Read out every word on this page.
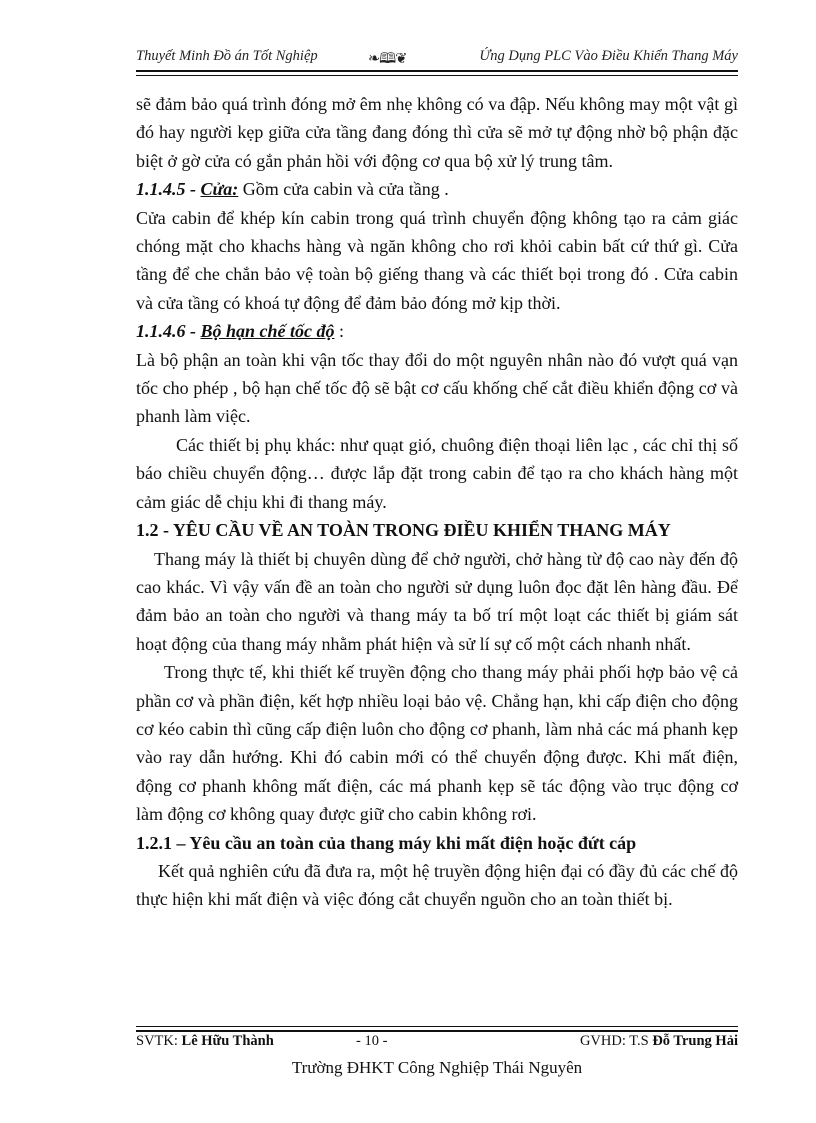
Thuyết Minh Đồ án Tốt Nghiệp	❧🕮❦	Ứng Dụng PLC Vào Điều Khiển Thang Máy

sẽ đảm bảo quá trình đóng mở êm nhẹ không có va đập. Nếu không may một vật gì đó hay người kẹp giữa cửa tầng đang đóng thì cửa sẽ mở tự động nhờ bộ phận đặc biệt ở gờ cửa có gắn phản hồi với động cơ qua bộ xử lý trung tâm.

1.1.4.5 - Cửa: Gồm cửa cabin và cửa tầng .

Cửa cabin để khép kín cabin trong quá trình chuyển động không tạo ra cảm giác chóng mặt cho khachs hàng và ngăn không cho rơi khỏi cabin bất cứ thứ gì. Cửa tầng để che chắn bảo vệ toàn bộ giếng thang và các thiết bọi trong đó . Cửa cabin và cửa tầng có khoá tự động để đảm bảo đóng mở kịp thời.

1.1.4.6 - Bộ hạn chế tốc độ :

Là bộ phận an toàn khi vận tốc thay đổi do một nguyên nhân nào đó vượt quá vạn tốc cho phép , bộ hạn chế tốc độ sẽ bật cơ cấu khống chế cắt điều khiển động cơ và phanh làm việc.

Các thiết bị phụ khác: như quạt gió, chuông điện thoại liên lạc , các chỉ thị số báo chiều chuyển động… được lắp đặt trong cabin để tạo ra cho khách hàng một cảm giác dễ chịu khi đi thang máy.

1.2 - YÊU CẦU VỀ AN TOÀN TRONG ĐIỀU KHIỂN THANG MÁY

Thang máy là thiết bị chuyên dùng để chở người, chở hàng từ độ cao này đến độ cao khác. Vì vậy vấn đề an toàn cho người sử dụng luôn đọc đặt lên hàng đầu. Để đảm bảo an toàn cho người và thang máy ta bố trí một loạt các thiết bị giám sát hoạt động của thang máy nhằm phát hiện và sử lí sự cố một cách nhanh nhất.

Trong thực tế, khi thiết kế truyền động cho thang máy phải phối hợp bảo vệ cả phần cơ và phần điện, kết hợp nhiều loại bảo vệ. Chẳng hạn, khi cấp điện cho động cơ kéo cabin thì cũng cấp điện luôn cho động cơ phanh, làm nhả các má phanh kẹp vào ray dẫn hướng. Khi đó cabin mới có thể chuyển động được. Khi mất điện, động cơ phanh không mất điện, các má phanh kẹp sẽ tác động vào trục động cơ làm động cơ không quay được giữ cho cabin không rơi.

1.2.1 – Yêu cầu an toàn của thang máy khi mất điện hoặc đứt cáp

Kết quả nghiên cứu đã đưa ra, một hệ truyền động hiện đại có đầy đủ các chế độ thực hiện khi mất điện và việc đóng cắt chuyển nguồn cho an toàn thiết bị.

SVTK: Lê Hữu Thành	- 10 -	GVHD: T.S Đỗ Trung Hải
Trường ĐHKT Công Nghiệp Thái Nguyên
